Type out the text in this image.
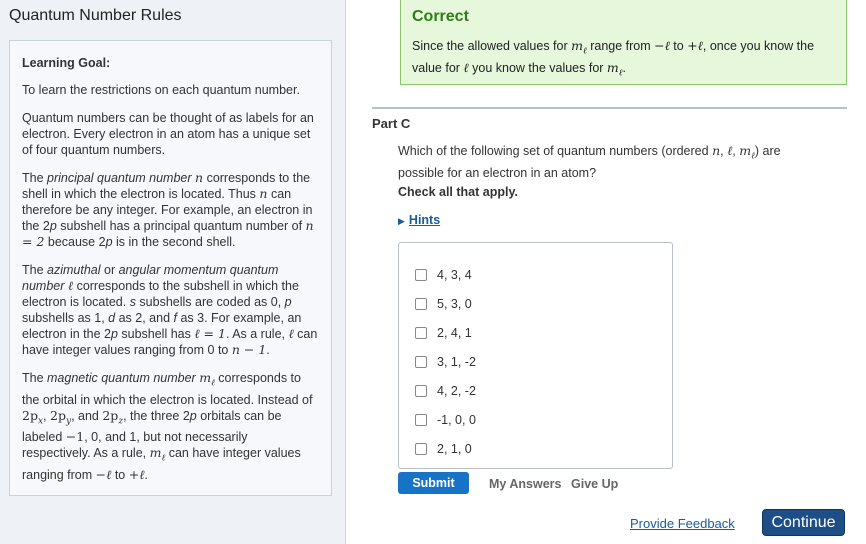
Quantum Number Rules

Learning Goal:

To learn the restrictions on each quantum number.

Quantum numbers can be thought of as labels for an electron. Every electron in an atom has a unique set of four quantum numbers.

The principal quantum number n corresponds to the shell in which the electron is located. Thus n can therefore be any integer. For example, an electron in the 2p subshell has a principal quantum number of n = 2 because 2p is in the second shell.

The azimuthal or angular momentum quantum number ℓ corresponds to the subshell in which the electron is located. s subshells are coded as 0, p subshells as 1, d as 2, and f as 3. For example, an electron in the 2p subshell has ℓ = 1. As a rule, ℓ can have integer values ranging from 0 to n − 1.

The magnetic quantum number $m_\ell$ corresponds to the orbital in which the electron is located. Instead of $2p_x$, $2p_y$, and $2p_z$, the three 2p orbitals can be labeled −1, 0, and 1, but not necessarily respectively. As a rule, $m_\ell$ can have integer values ranging from −ℓ to +ℓ.

Correct
Since the allowed values for $m_\ell$ range from −ℓ to +ℓ, once you know the value for ℓ you know the values for $m_\ell$.
Part C
Which of the following set of quantum numbers (ordered n, ℓ, $m_\ell$) are possible for an electron in an atom?
Check all that apply.
▶ Hints
4, 3, 4
5, 3, 0
2, 4, 1
3, 1, -2
4, 2, -2
-1, 0, 0
2, 1, 0
Submit	My Answers Give Up
Provide Feedback	Continue
